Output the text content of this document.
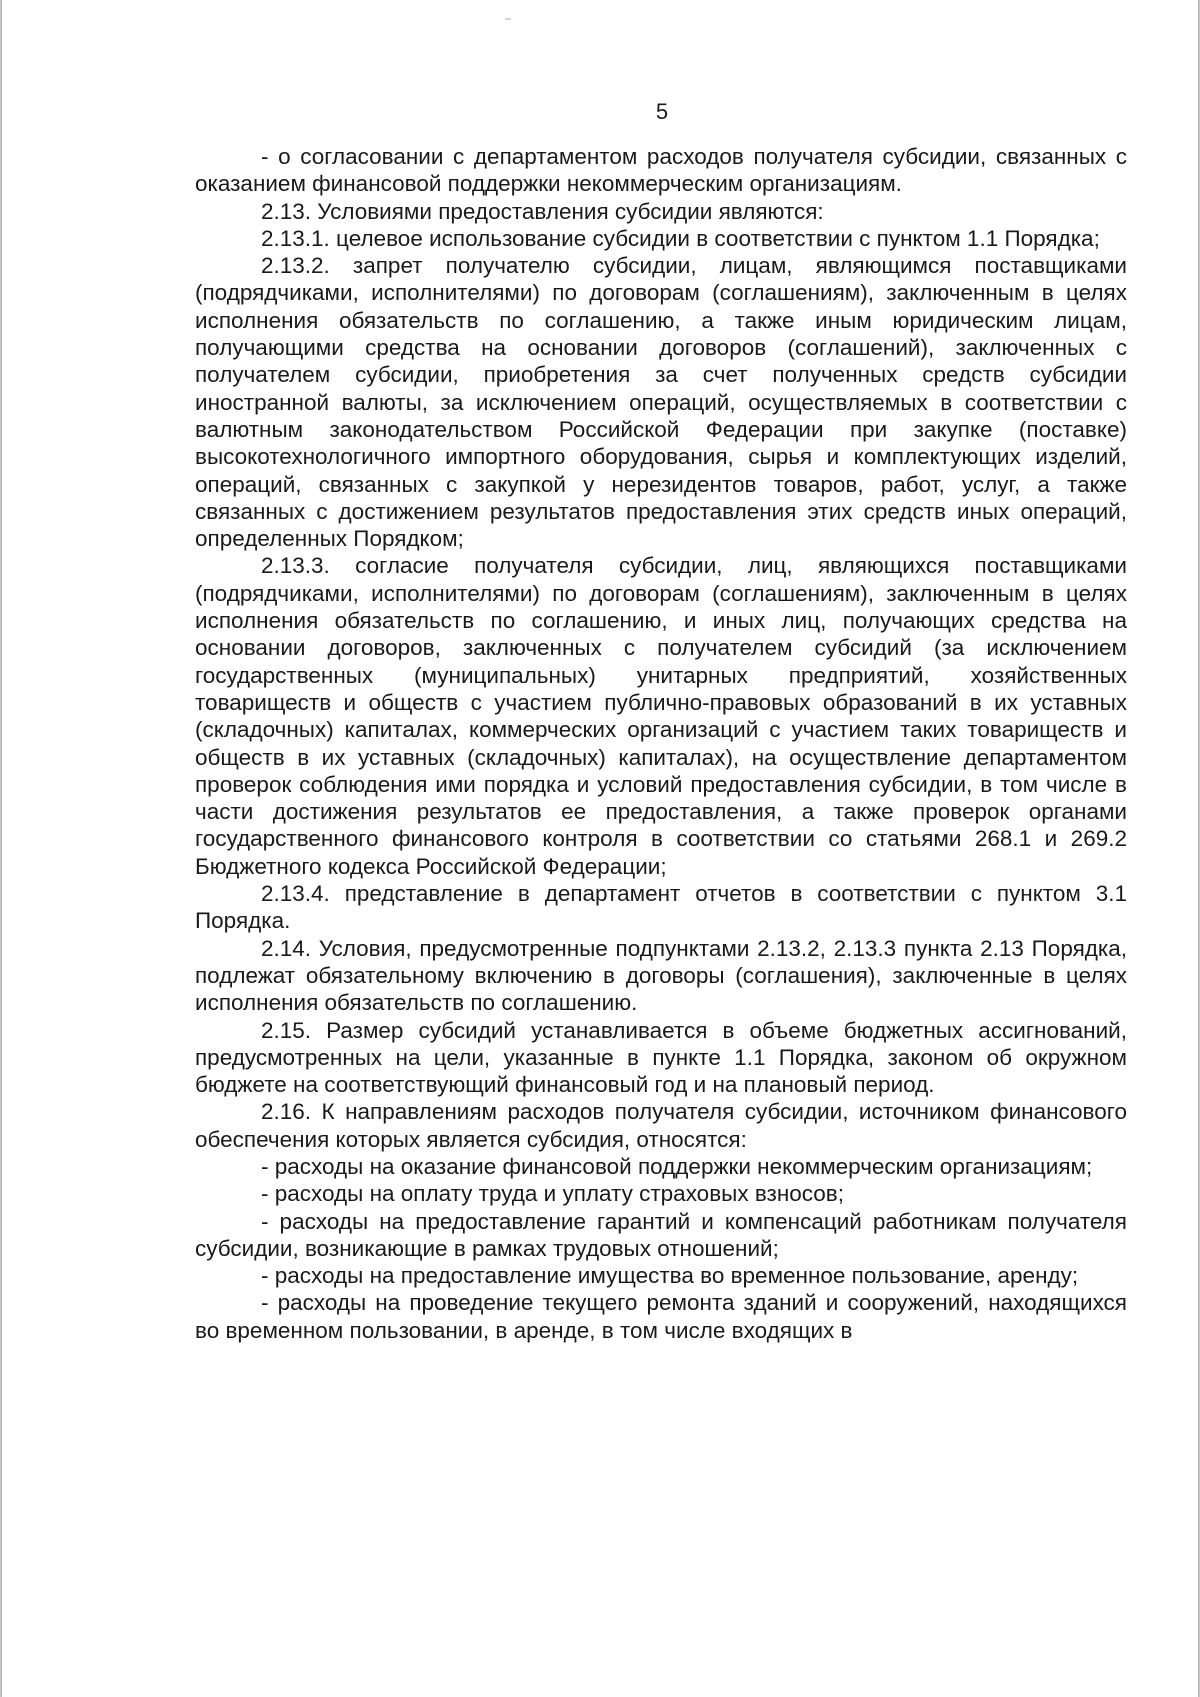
5

- о согласовании с департаментом расходов получателя субсидии, связанных с оказанием финансовой поддержки некоммерческим организациям.

2.13. Условиями предоставления субсидии являются:

2.13.1. целевое использование субсидии в соответствии с пунктом 1.1 Порядка;

2.13.2. запрет получателю субсидии, лицам, являющимся поставщиками (подрядчиками, исполнителями) по договорам (соглашениям), заключенным в целях исполнения обязательств по соглашению, а также иным юридическим лицам, получающими средства на основании договоров (соглашений), заключенных с получателем субсидии, приобретения за счет полученных средств субсидии иностранной валюты, за исключением операций, осуществляемых в соответствии с валютным законодательством Российской Федерации при закупке (поставке) высокотехнологичного импортного оборудования, сырья и комплектующих изделий, операций, связанных с закупкой у нерезидентов товаров, работ, услуг, а также связанных с достижением результатов предоставления этих средств иных операций, определенных Порядком;

2.13.3. согласие получателя субсидии, лиц, являющихся поставщиками (подрядчиками, исполнителями) по договорам (соглашениям), заключенным в целях исполнения обязательств по соглашению, и иных лиц, получающих средства на основании договоров, заключенных с получателем субсидий (за исключением государственных (муниципальных) унитарных предприятий, хозяйственных товариществ и обществ с участием публично-правовых образований в их уставных (складочных) капиталах, коммерческих организаций с участием таких товариществ и обществ в их уставных (складочных) капиталах), на осуществление департаментом проверок соблюдения ими порядка и условий предоставления субсидии, в том числе в части достижения результатов ее предоставления, а также проверок органами государственного финансового контроля в соответствии со статьями 268.1 и 269.2 Бюджетного кодекса Российской Федерации;

2.13.4. представление в департамент отчетов в соответствии с пунктом 3.1 Порядка.

2.14. Условия, предусмотренные подпунктами 2.13.2, 2.13.3 пункта 2.13 Порядка, подлежат обязательному включению в договоры (соглашения), заключенные в целях исполнения обязательств по соглашению.

2.15. Размер субсидий устанавливается в объеме бюджетных ассигнований, предусмотренных на цели, указанные в пункте 1.1 Порядка, законом об окружном бюджете на соответствующий финансовый год и на плановый период.

2.16. К направлениям расходов получателя субсидии, источником финансового обеспечения которых является субсидия, относятся:

- расходы на оказание финансовой поддержки некоммерческим организациям;

- расходы на оплату труда и уплату страховых взносов;

- расходы на предоставление гарантий и компенсаций работникам получателя субсидии, возникающие в рамках трудовых отношений;

- расходы на предоставление имущества во временное пользование, аренду;

- расходы на проведение текущего ремонта зданий и сооружений, находящихся во временном пользовании, в аренде, в том числе входящих в
